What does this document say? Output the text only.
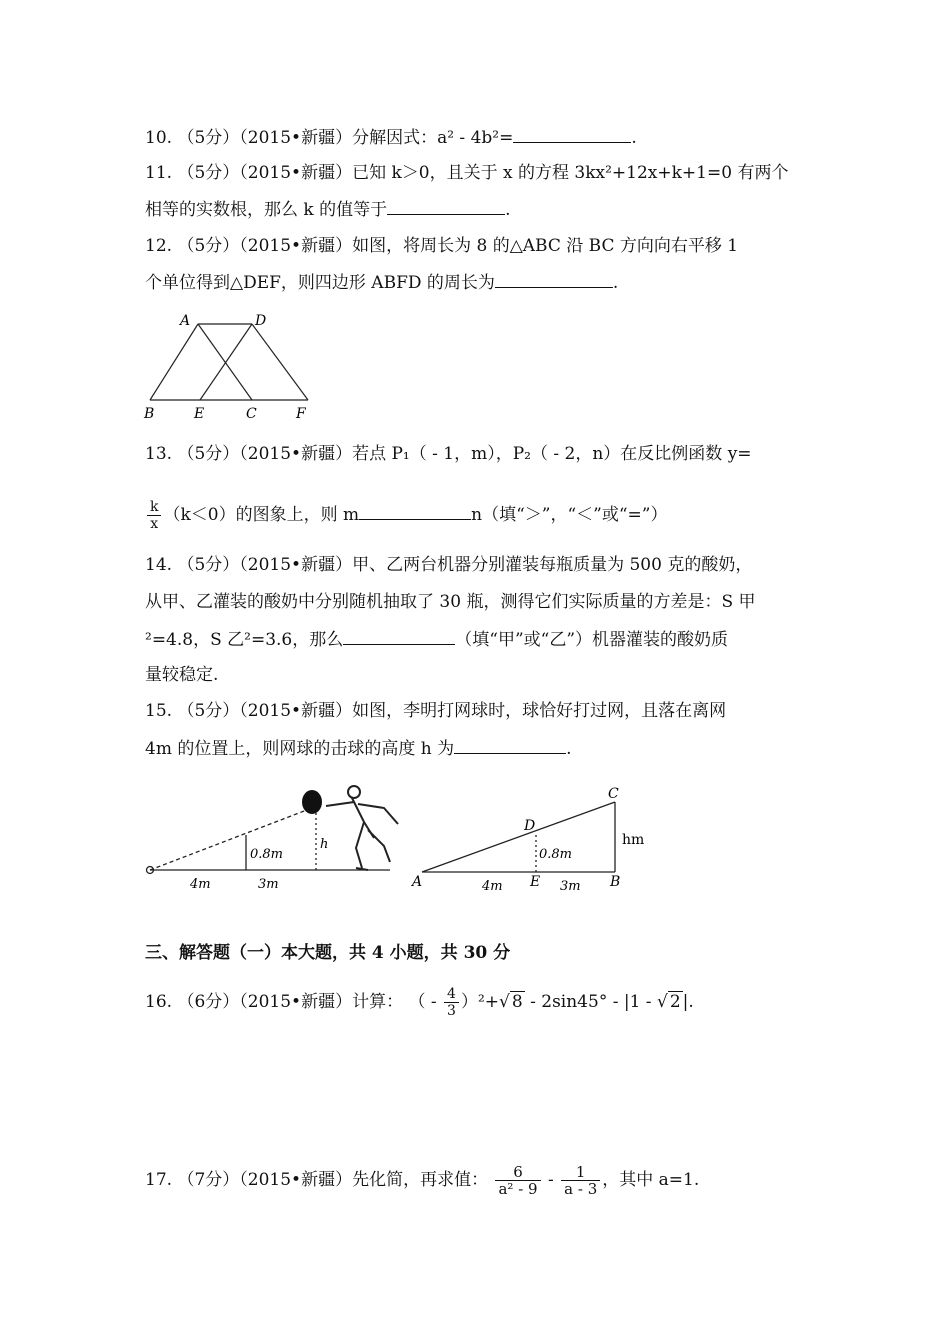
10. （5分）（2015•新疆）分解因式：a² - 4b²=	.
11. （5分）（2015•新疆）已知 k＞0，且关于 x 的方程 3kx²+12x+k+1=0 有两个
相等的实数根，那么 k 的值等于	.
12. （5分）（2015•新疆）如图，将周长为 8 的△ABC 沿 BC 方向向右平移 1
个单位得到△DEF，则四边形 ABFD 的周长为	.
A	D
B	E	C	F
13. （5分）（2015•新疆）若点 P₁（ - 1，m），P₂（ - 2，n）在反比例函数 y=
$\frac{k}{x} (k<0)$的图象上，则 m	n（填“＞”，“＜”或“=”）
14. （5分）（2015•新疆）甲、乙两台机器分别灌装每瓶质量为 500 克的酸奶，
从甲、乙灌装的酸奶中分别随机抽取了 30 瓶，测得它们实际质量的方差是：S 甲
²=4.8，S 乙²=3.6，那么	（填“甲”或“乙”）机器灌装的酸奶质
量较稳定.
15. （5分）（2015•新疆）如图，李明打网球时，球恰好打过网，且落在离网
4m 的位置上，则网球的击球的高度 h 为	.
0.8m
h
4m	3m
C
D
A	E	B
0.8m
hm
4m	3m
三、解答题（一）本大题，共 4 小题，共 30 分
16. （6分）（2015•新疆）计算： （ - $\frac{4}{3} )^2+√$ 8 - 2sin45° - |1 - √ 2 |.
17. （7分）（2015•新疆）先化简，再求值： $\frac{6}{\text{a² - 9}} - \frac{1}{a - 3}$ ，其中 a=1.
